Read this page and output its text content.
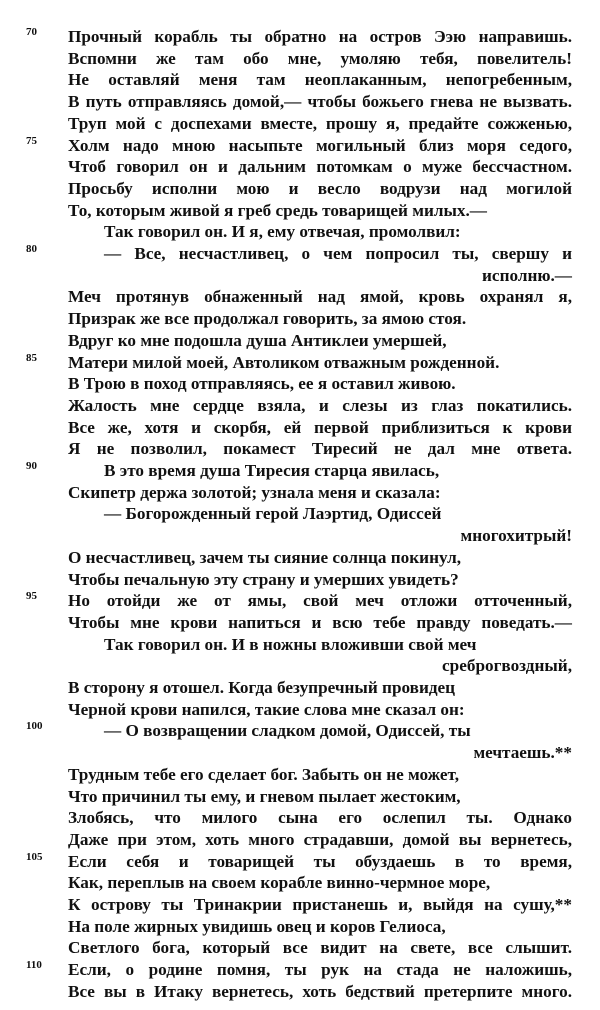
70 Прочный корабль ты обратно на остров Ээю направишь.
Вспомни же там обо мне, умоляю тебя, повелитель!
Не оставляй меня там неоплаканным, непогребенным,
В путь отправляясь домой,— чтобы божьего гнева не вызвать.
Труп мой с доспехами вместе, прошу я, предайте сожженью,
75 Холм надо мною насыпьте могильный близ моря седого,
Чтоб говорил он и дальним потомкам о муже бессчастном.
Просьбу исполни мою и весло водрузи над могилой
То, которым живой я греб средь товарищей милых.—
Так говорил он. И я, ему отвечая, промолвил:
80	— Все, несчастливец, о чем попросил ты, свершу и
исполню.—
Меч протянув обнаженный над ямой, кровь охранял я,
Призрак же все продолжал говорить, за ямою стоя.
Вдруг ко мне подошла душа Антиклеи умершей,
85 Матери милой моей, Автоликом отважным рожденной.
В Трою в поход отправляясь, ее я оставил живою.
Жалость мне сердце взяла, и слезы из глаз покатились.
Все же, хотя и скорбя, ей первой приблизиться к крови
Я не позволил, покамест Тиресий не дал мне ответа.
90	В это время душа Тиресия старца явилась,
Скипетр держа золотой; узнала меня и сказала:
— Богорожденный герой Лаэртид, Одиссей
многохитрый!
О несчастливец, зачем ты сияние солнца покинул,
Чтобы печальную эту страну и умерших увидеть?
95 Но отойди же от ямы, свой меч отложи отточенный,
Чтобы мне крови напиться и всю тебе правду поведать.—
Так говорил он. И в ножны вложивши свой меч
среброгвоздный,
В сторону я отошел. Когда безупречный провидец
Черной крови напился, такие слова мне сказал он:
100	— О возвращении сладком домой, Одиссей, ты
мечтаешь.**
Трудным тебе его сделает бог. Забыть он не может,
Что причинил ты ему, и гневом пылает жестоким,
Злобясь, что милого сына его ослепил ты. Однако
Даже при этом, хоть много страдавши, домой вы вернетесь,
105 Если себя и товарищей ты обуздаешь в то время,
Как, переплыв на своем корабле винно-чермное море,
К острову ты Тринакрии пристанешь и, выйдя на сушу,**
На поле жирных увидишь овец и коров Гелиоса,
Светлого бога, который все видит на свете, все слышит.
110 Если, о родине помня, ты рук на стада не наложишь,
Все вы в Итаку вернетесь, хоть бедствий претерпите много.
